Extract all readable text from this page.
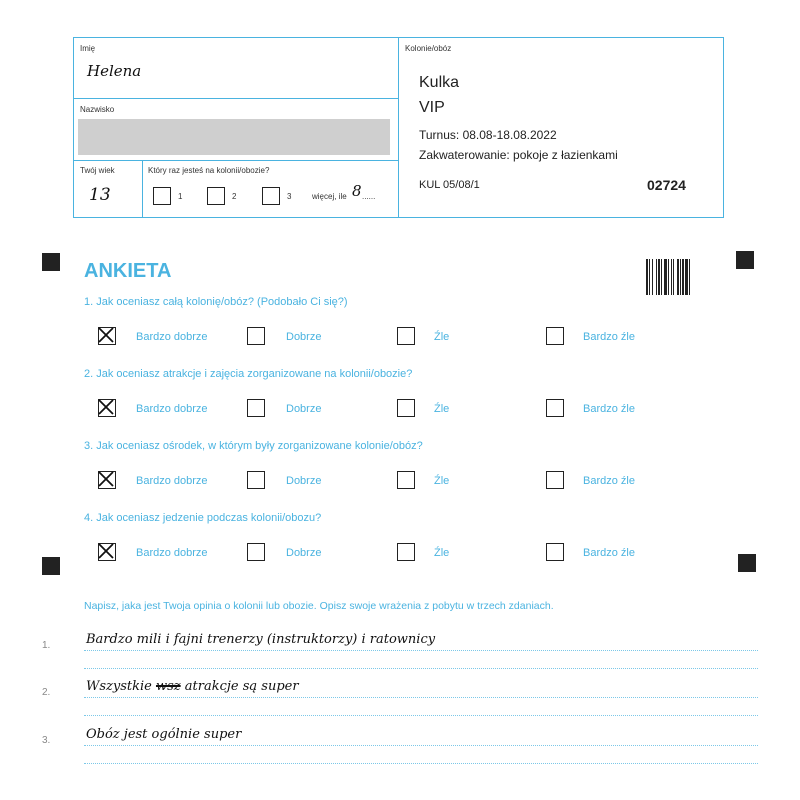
Imię
Helena
Nazwisko
Twój wiek
13
Który raz jesteś na kolonii/obozie?
1	2	3	więcej, ile 8 ......
Kolonie/obóz
Kulka
VIP
Turnus: 08.08-18.08.2022
Zakwaterowanie: pokoje z łazienkami
KUL 05/08/1	02724
ANKIETA
1. Jak oceniasz całą kolonię/obóz? (Podobało Ci się?)
Bardzo dobrze	Dobrze	Źle	Bardzo źle
2. Jak oceniasz atrakcje i zajęcia zorganizowane na kolonii/obozie?
Bardzo dobrze	Dobrze	Źle	Bardzo źle
3. Jak oceniasz ośrodek, w którym były zorganizowane kolonie/obóz?
Bardzo dobrze	Dobrze	Źle	Bardzo źle
4. Jak oceniasz jedzenie podczas kolonii/obozu?
Bardzo dobrze	Dobrze	Źle	Bardzo źle
Napisz, jaka jest Twoja opinia o kolonii lub obozie. Opisz swoje wrażenia z pobytu w trzech zdaniach.
1.	Bardzo mili i fajni trenerzy (instruktorzy) i ratownicy
2.	Wszystkie wsz atrakcje są super
3.	Obóz jest ogólnie super
